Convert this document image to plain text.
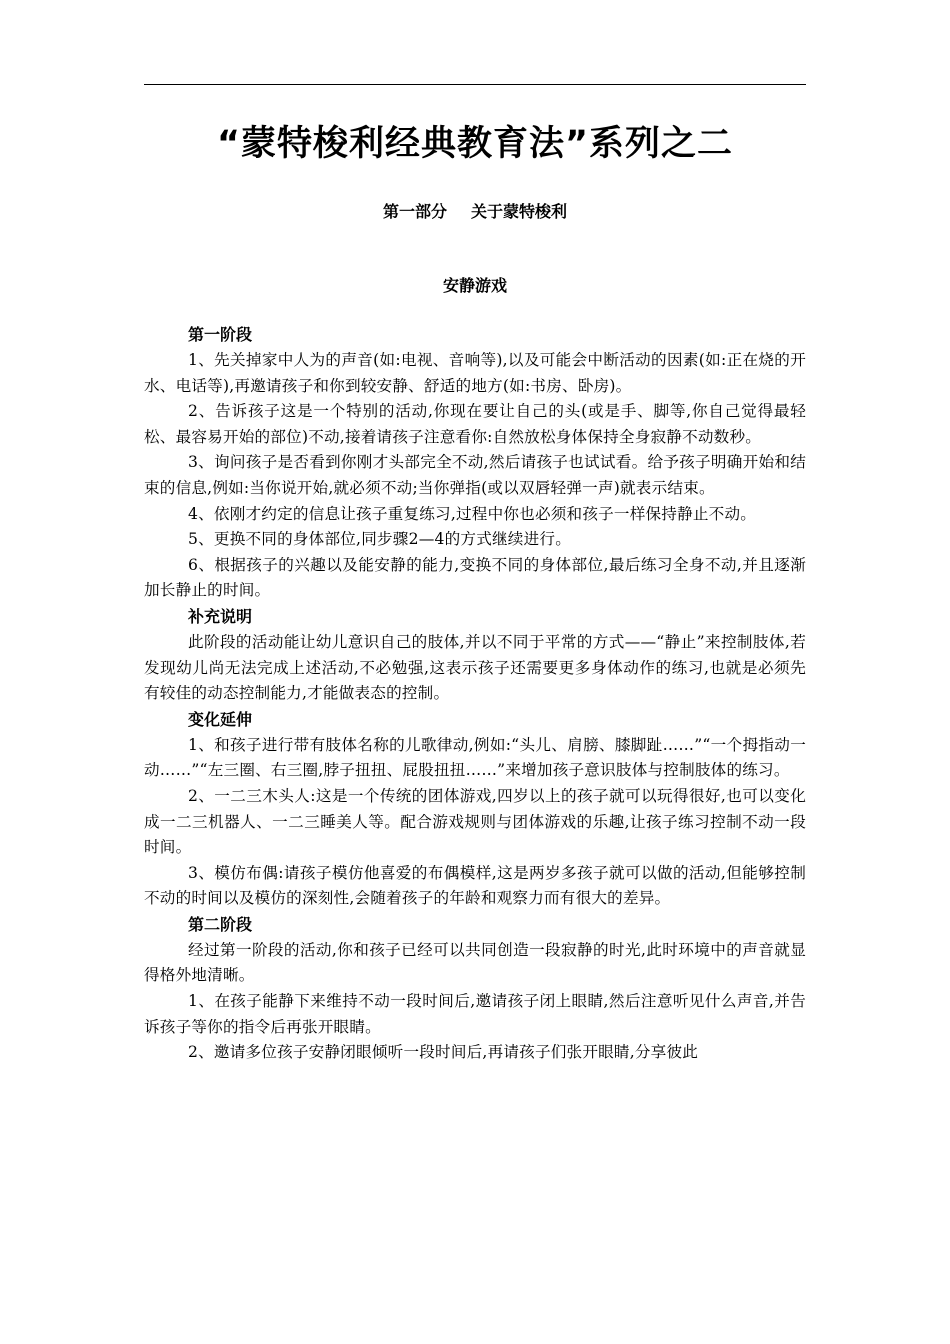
“蒙特梭利经典教育法”系列之二
第一部分 关于蒙特梭利
安静游戏
第一阶段

1、先关掉家中人为的声音(如:电视、音响等),以及可能会中断活动的因素(如:正在烧的开水、电话等),再邀请孩子和你到较安静、舒适的地方(如:书房、卧房)。

2、告诉孩子这是一个特别的活动,你现在要让自己的头(或是手、脚等,你自己觉得最轻松、最容易开始的部位)不动,接着请孩子注意看你:自然放松身体保持全身寂静不动数秒。

3、询问孩子是否看到你刚才头部完全不动,然后请孩子也试试看。给予孩子明确开始和结束的信息,例如:当你说开始,就必须不动;当你弹指(或以双唇轻弹一声)就表示结束。

4、依刚才约定的信息让孩子重复练习,过程中你也必须和孩子一样保持静止不动。

5、更换不同的身体部位,同步骤2—4的方式继续进行。

6、根据孩子的兴趣以及能安静的能力,变换不同的身体部位,最后练习全身不动,并且逐渐加长静止的时间。

补充说明

此阶段的活动能让幼儿意识自己的肢体,并以不同于平常的方式——“静止”来控制肢体,若发现幼儿尚无法完成上述活动,不必勉强,这表示孩子还需要更多身体动作的练习,也就是必须先有较佳的动态控制能力,才能做表态的控制。

变化延伸

1、和孩子进行带有肢体名称的儿歌律动,例如:“头儿、肩膀、膝脚趾……”“一个拇指动一动……”“左三圈、右三圈,脖子扭扭、屁股扭扭……”来增加孩子意识肢体与控制肢体的练习。

2、一二三木头人:这是一个传统的团体游戏,四岁以上的孩子就可以玩得很好,也可以变化成一二三机器人、一二三睡美人等。配合游戏规则与团体游戏的乐趣,让孩子练习控制不动一段时间。

3、模仿布偶:请孩子模仿他喜爱的布偶模样,这是两岁多孩子就可以做的活动,但能够控制不动的时间以及模仿的深刻性,会随着孩子的年龄和观察力而有很大的差异。

第二阶段

经过第一阶段的活动,你和孩子已经可以共同创造一段寂静的时光,此时环境中的声音就显得格外地清晰。

1、在孩子能静下来维持不动一段时间后,邀请孩子闭上眼睛,然后注意听见什么声音,并告诉孩子等你的指令后再张开眼睛。

2、邀请多位孩子安静闭眼倾听一段时间后,再请孩子们张开眼睛,分享彼此
